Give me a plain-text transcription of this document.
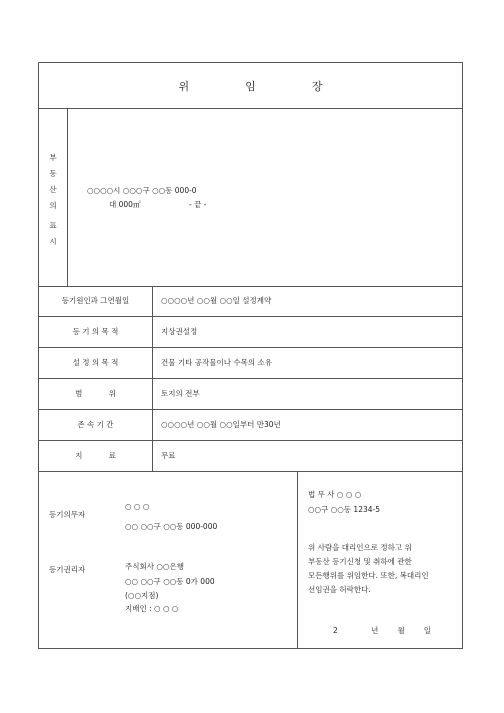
위	임	장
부
동
산
의
표
시
○○○○시 ○○○구 ○○동 000-0
대 000㎡	- 끝 -
등기원인과 그연월일	○○○○년 ○○월 ○○일 설정계약
등 기 의 목 적	지상권설정
설 정 의 목 적	건물 기타 공작물이나 수목의 소유
범           위	토지의 전부
존 속 기 간	○○○○년 ○○월 ○○일부터 만30년
지           료	무료
등기의무자
○ ○ ○
○○ ○○구 ○○동 000-000
등기권리자	주식회사 ○○은행
○○ ○○구 ○○동 0가 000
(○○지점)
지배인 : ○ ○ ○
법 무 사 ○ ○ ○
○○구 ○○동 1234-5
위 사람을 대리인으로 정하고 위
부동산 등기신청 및 취하에 관한
모든행위를 위임한다. 또한, 복대리인
선임권을 허락한다.
2              년        월        일
